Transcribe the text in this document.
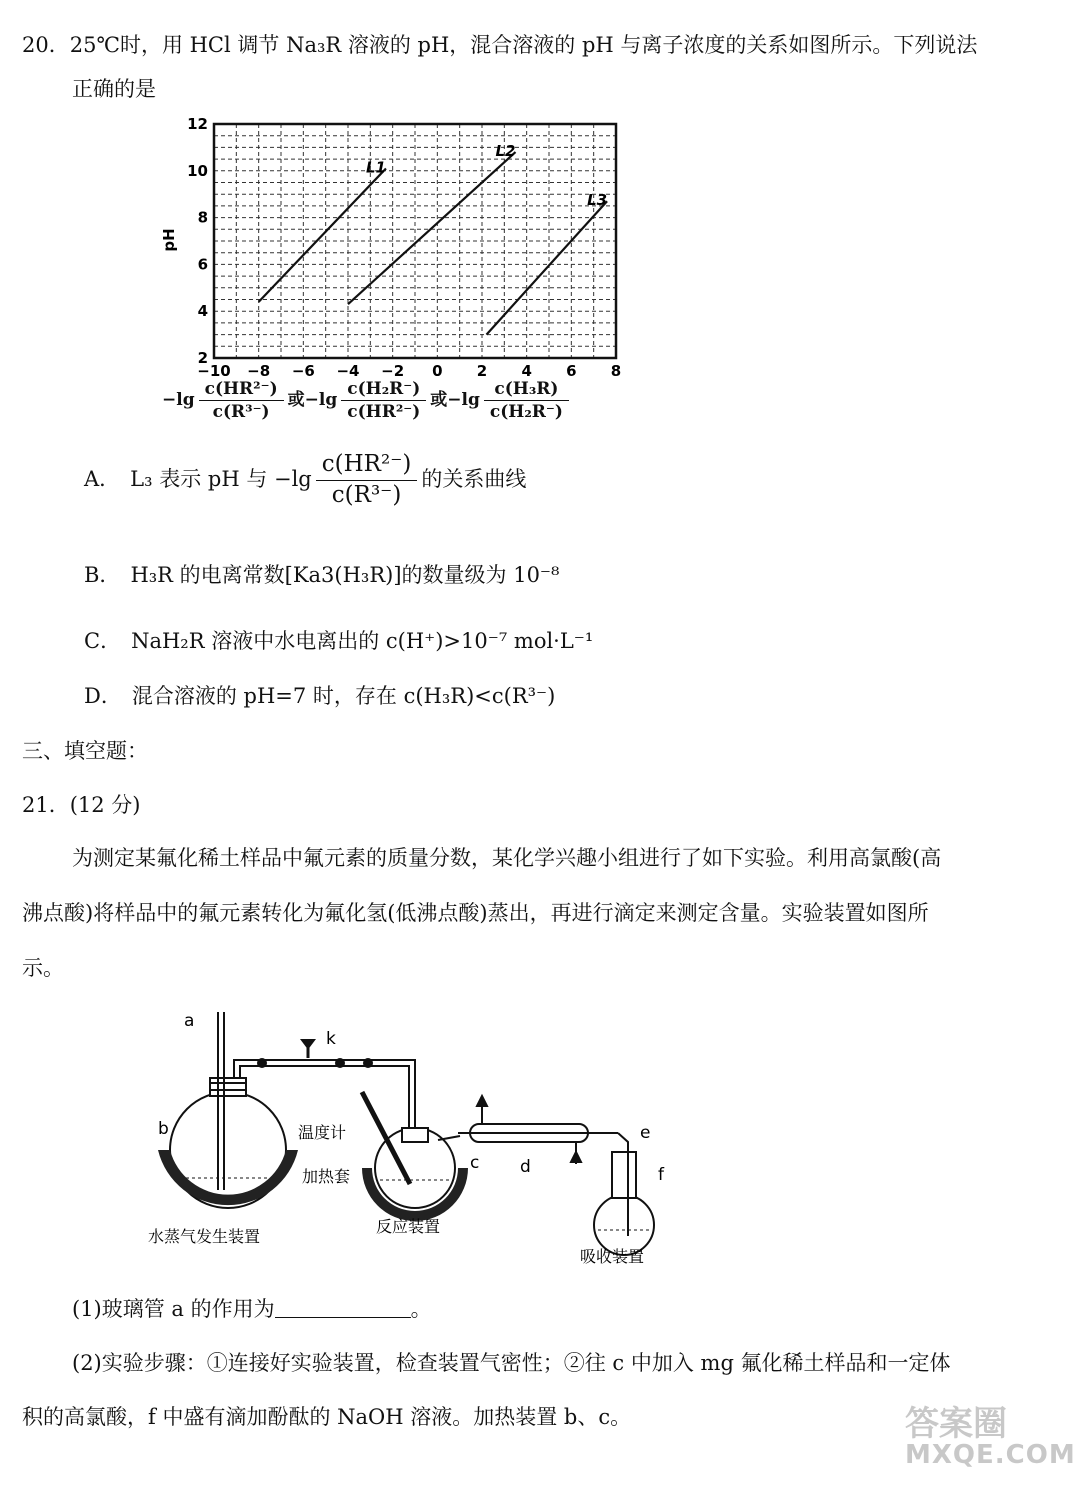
20．25℃时，用 HCl 调节 Na₃R 溶液的 pH，混合溶液的 pH 与离子浓度的关系如图所示。下列说法
正确的是
−10 −8 −6 −4 −2 0 2 4 6 8
2
4
6
8
10
12
L1
L2
L3
pH
$-\lg \frac{\text{c(HR²⁻)}}{\text{c(R³⁻)}}$ 或$-\lg \frac{\text{c(H₂R⁻)}}{\text{c(HR²⁻)}}$ 或$-\lg \frac{\text{c(H₃R)}}{\text{c(H₂R⁻)}}$
A． L₃ 表示 pH 与 $-\lg \frac{\text{c(HR²⁻)}}{\text{c(R³⁻)}}$ 的关系曲线
B． H₃R 的电离常数[Ka3(H₃R)]的数量级为 10⁻⁸
C． NaH₂R 溶液中水电离出的 c(H⁺)>10⁻⁷ mol·L⁻¹
D． 混合溶液的 pH=7 时，存在 c(H₃R)<c(R³⁻)
三、填空题：
21．(12 分)
为测定某氟化稀土样品中氟元素的质量分数，某化学兴趣小组进行了如下实验。利用高氯酸(高
沸点酸)将样品中的氟元素转化为氟化氢(低沸点酸)蒸出，再进行滴定来测定含量。实验装置如图所
示。
a
b
k
温度计
加热套
c d
e
f
水蒸气发生装置
反应装置
吸收装置
(1)玻璃管 a 的作用为	。
(2)实验步骤：①连接好实验装置，检查装置气密性；②往 c 中加入 mg 氟化稀土样品和一定体
积的高氯酸，f 中盛有滴加酚酞的 NaOH 溶液。加热装置 b、c。	答案圈
MXQE.COM
